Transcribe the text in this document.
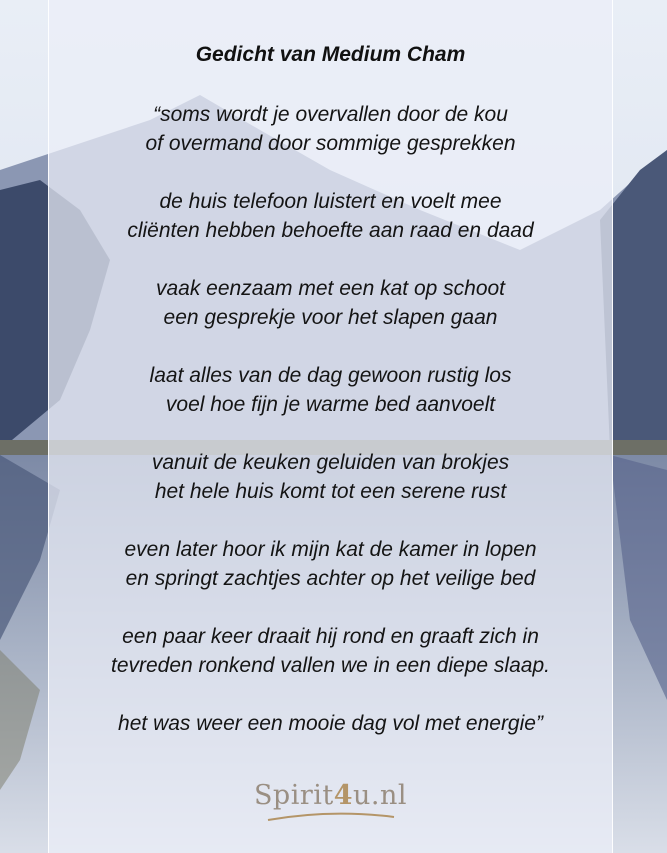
Gedicht van Medium Cham
“soms wordt je overvallen door de kou
of overmand door sommige gesprekken
de huis telefoon luistert en voelt mee
cliënten hebben behoefte aan raad en daad
vaak eenzaam met een kat op schoot
een gesprekje voor het slapen gaan
laat alles van de dag gewoon rustig los
voel hoe fijn je warme bed aanvoelt
vanuit de keuken geluiden van brokjes
het hele huis komt tot een serene rust
even later hoor ik mijn kat de kamer in lopen
en springt zachtjes achter op het veilige bed
een paar keer draait hij rond en graaft zich in
tevreden ronkend vallen we in een diepe slaap.
het was weer een mooie dag vol met energie”
Spirit4u.nl
